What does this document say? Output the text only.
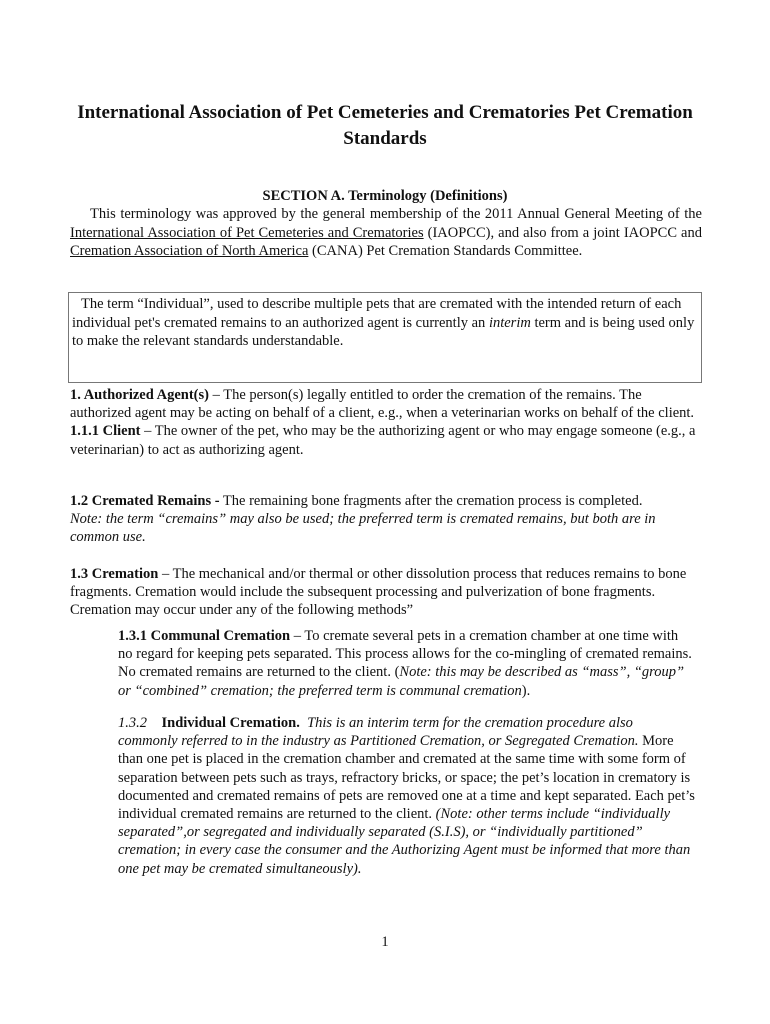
International Association of Pet Cemeteries and Crematories Pet Cremation Standards
SECTION A. Terminology (Definitions)
This terminology was approved by the general membership of the 2011 Annual General Meeting of the International Association of Pet Cemeteries and Crematories (IAOPCC), and also from a joint IAOPCC and Cremation Association of North America (CANA) Pet Cremation Standards Committee.
The term “Individual”, used to describe multiple pets that are cremated with the intended return of each individual pet's cremated remains to an authorized agent is currently an interim term and is being used only to make the relevant standards understandable.
1. Authorized Agent(s) – The person(s) legally entitled to order the cremation of the remains. The authorized agent may be acting on behalf of a client, e.g., when a veterinarian works on behalf of the client.
1.1.1 Client – The owner of the pet, who may be the authorizing agent or who may engage someone (e.g., a veterinarian) to act as authorizing agent.
1.2 Cremated Remains - The remaining bone fragments after the cremation process is completed.
Note: the term “cremains” may also be used; the preferred term is cremated remains, but both are in common use.
1.3 Cremation – The mechanical and/or thermal or other dissolution process that reduces remains to bone fragments. Cremation would include the subsequent processing and pulverization of bone fragments. Cremation may occur under any of the following methods”
1.3.1 Communal Cremation – To cremate several pets in a cremation chamber at one time with no regard for keeping pets separated. This process allows for the co-mingling of cremated remains. No cremated remains are returned to the client. (Note: this may be described as “mass”, “group” or “combined” cremation; the preferred term is communal cremation).
1.3.2 Individual Cremation. This is an interim term for the cremation procedure also commonly referred to in the industry as Partitioned Cremation, or Segregated Cremation. More than one pet is placed in the cremation chamber and cremated at the same time with some form of separation between pets such as trays, refractory bricks, or space; the pet’s location in crematory is documented and cremated remains of pets are removed one at a time and kept separated. Each pet’s individual cremated remains are returned to the client. (Note: other terms include “individually separated”,or segregated and individually separated (S.I.S), or “individually partitioned” cremation; in every case the consumer and the Authorizing Agent must be informed that more than one pet may be cremated simultaneously).
1
